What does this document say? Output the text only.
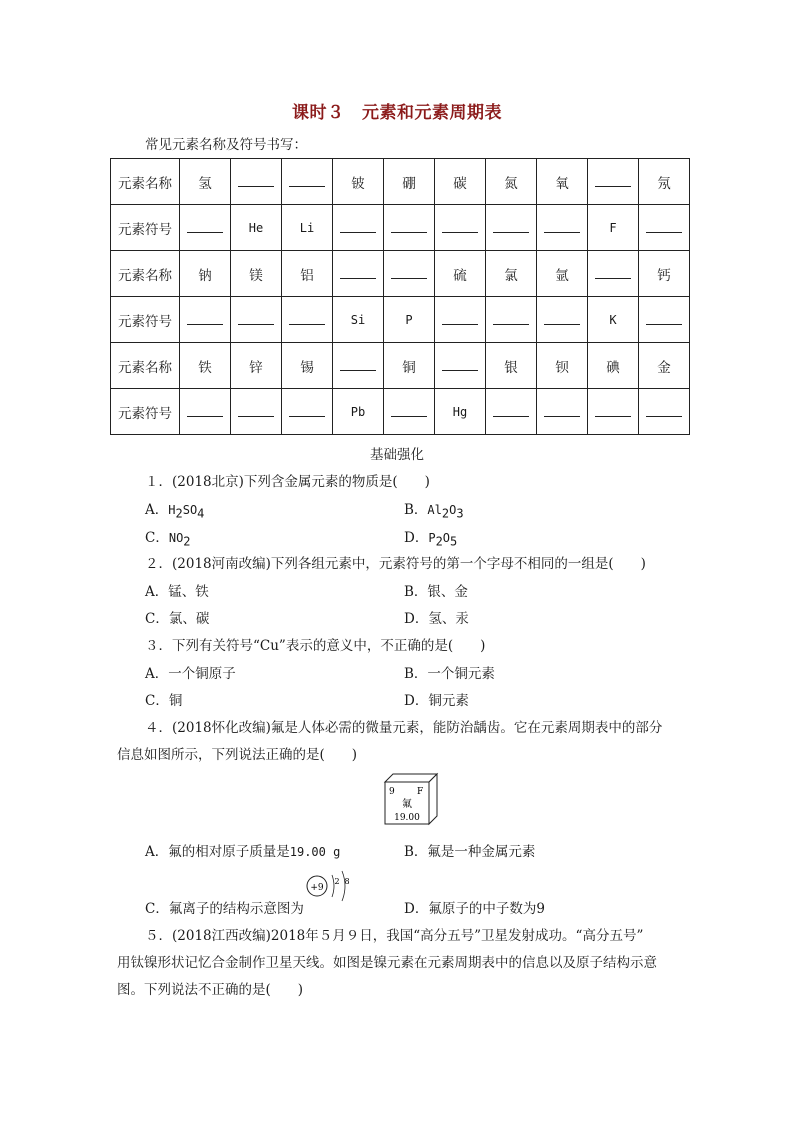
课时３　元素和元素周期表
常见元素名称及符号书写：
元素名称	氢			铍	硼	碳	氮	氧		氖
元素符号		He	Li						F	
元素名称	钠	镁	铝			硫	氯	氩		钙
元素符号				Si	P				K	
元素名称	铁	锌	锡		铜		银	钡	碘	金
元素符号				Pb		Hg				
基础强化
１．(2018北京)下列含金属元素的物质是(　　)
A．$H_2SO_4$	B．$Al_2O_3$
C．$NO_2$	D．$P_2O_5$
２．(2018河南改编)下列各组元素中，元素符号的第一个字母不相同的一组是(　　)
A．锰、铁	B．银、金
C．氯、碳	D．氢、汞
３．下列有关符号“Cu”表示的意义中，不正确的是(　　)
A．一个铜原子	B．一个铜元素
C．铜	D．铜元素
４．(2018怀化改编)氟是人体必需的微量元素，能防治龋齿。它在元素周期表中的部分
信息如图所示，下列说法正确的是(　　)
9 F
氟
19.00
A．氟的相对原子质量是19.00 g	B．氟是一种金属元素
+9
2 8
C．氟离子的结构示意图为	D．氟原子的中子数为9
５．(2018江西改编)2018年５月９日，我国“高分五号”卫星发射成功。“高分五号”
用钛镍形状记忆合金制作卫星天线。如图是镍元素在元素周期表中的信息以及原子结构示意
图。下列说法不正确的是(　　)
